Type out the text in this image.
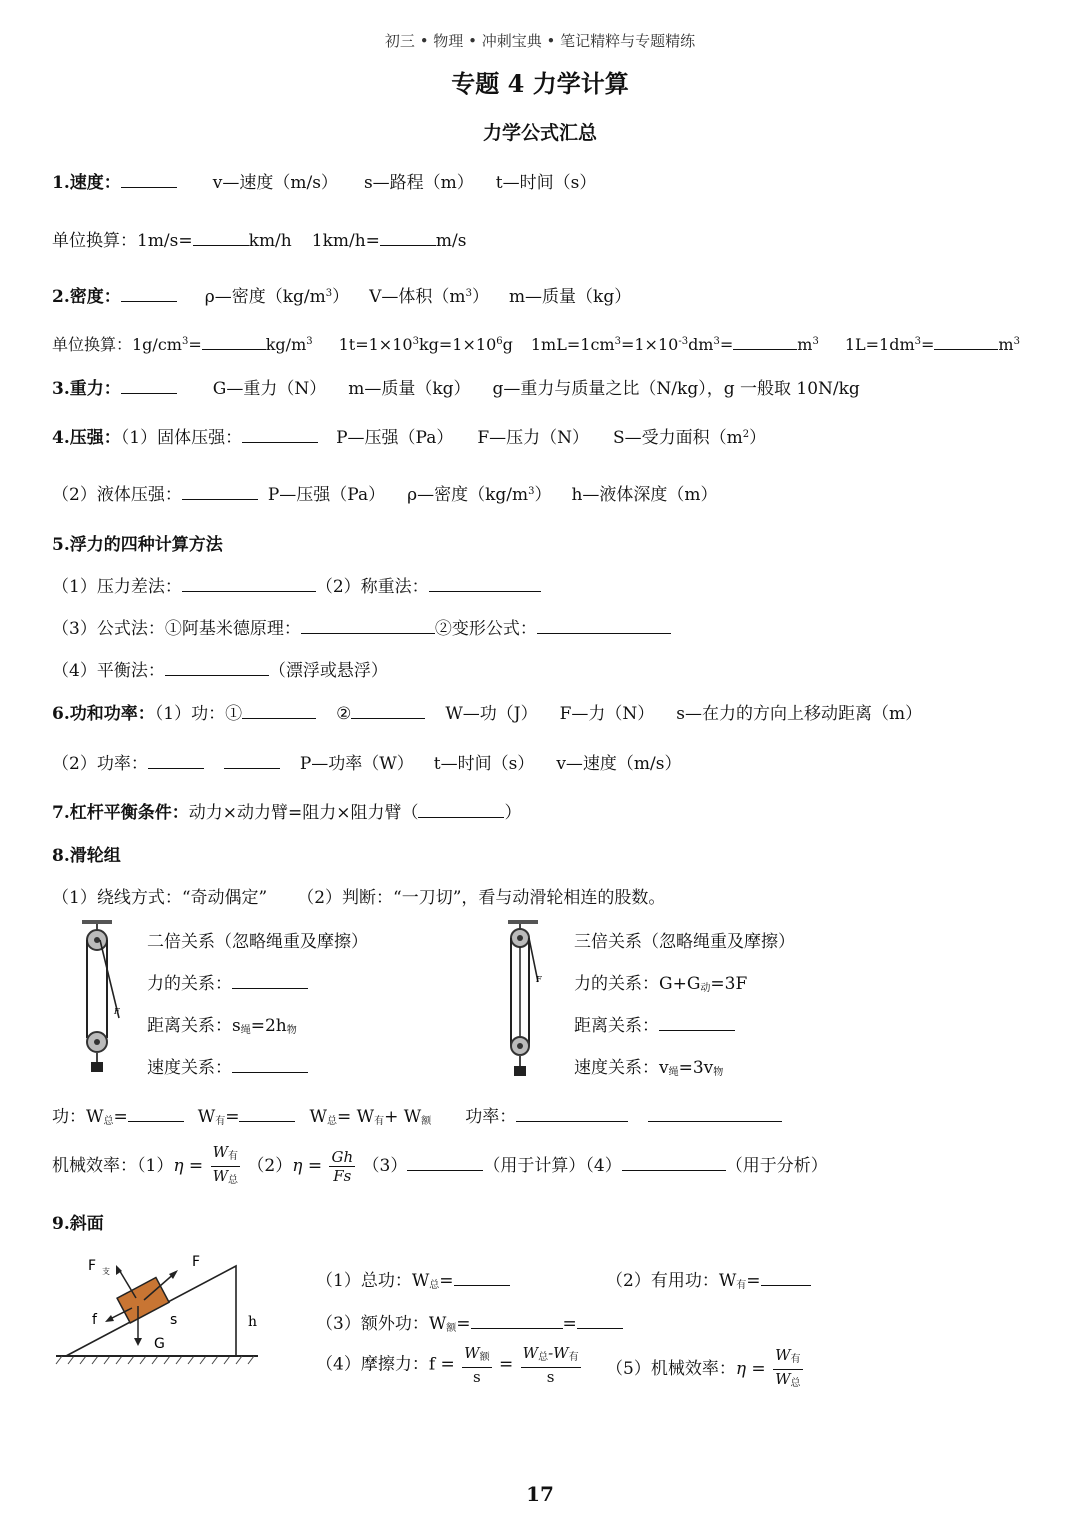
初三 • 物理 • 冲刺宝典 • 笔记精粹与专题精练
专题 4 力学计算
力学公式汇总
1.速度：	v—速度（m/s） s—路程（m） t—时间（s）
单位换算：1m/s=	km/h 1km/h=	m/s
2.密度：	ρ—密度$(kg/m^3)$ V—体积$(m^3)$ m—质量（kg）
单位换算：$1g/cm^3=$	$kg/m^3$ $1t=1\times 10^3kg=1\times 10^6g$ $1mL=1cm^3=1\times 10^{-3}dm^3=$	$m^3$ $1L=1dm^3=$	$m^3$
3.重力：	G—重力（N） m—质量（kg） g—重力与质量之比（N/kg），g 一般取 10N/kg
4.压强：（1）固体压强：	P—压强（Pa） F—压力（N） S—受力面积$(m^2)$
（2）液体压强：	P—压强（Pa） ρ—密度$(kg/m^3)$ h—液体深度（m）
5.浮力的四种计算方法
（1）压力差法：	（2）称重法：
（3）公式法：①阿基米德原理：	②变形公式：
（4）平衡法：	（漂浮或悬浮）
6.功和功率：（1）功：①	②	W—功（J） F—力（N） s—在力的方向上移动距离（m）
（2）功率：	P—功率（W） t—时间（s） v—速度（m/s）
7.杠杆平衡条件：动力×动力臂=阻力×阻力臂（	）
8.滑轮组
（1）绕线方式：“奇动偶定” （2）判断：“一刀切”，看与动滑轮相连的股数。
F
二倍关系（忽略绳重及摩擦）
力的关系：
距离关系：$s_绳=2h_物$
速度关系：
F
三倍关系（忽略绳重及摩擦）
力的关系：$G+G_动=3F$
距离关系：
速度关系：$v_绳=3v_物$
功：$W_总=$	$W_有=$	$W_总= W_有+ W_额$ 功率：
机械效率：$(1)\eta = \frac{W_有}{W_总} (2)\eta = \frac{Gh}{Fs} (3)$	（用于计算）（4）	（用于分析）
9.斜面
F 支
F
f	s
G
h
（1）总功：$W_总=$	（2）有用功：$W_有=$
（3）额外功：$W_额=$	=
（4）摩擦力：$f = \frac{W_额}{s} = \frac{W_总-W_有}{s} (5)$机械效率：$\eta = \frac{W_有}{W_总}$
17
